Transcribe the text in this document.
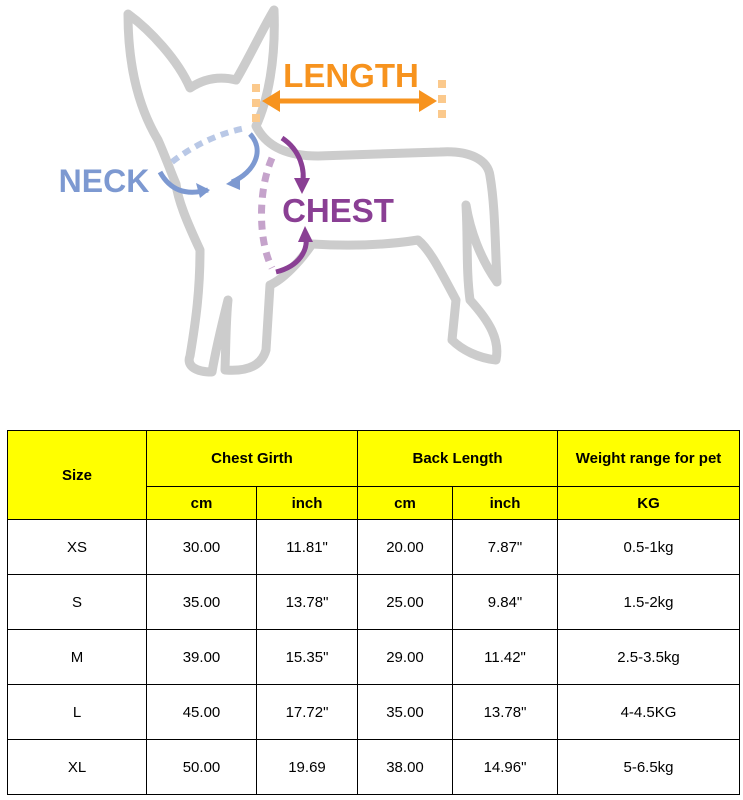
LENGTH
NECK
CHEST
Size	Chest Girth		Back Length		Weight range for pet
	cm	inch	cm	inch	KG
XS	30.00	11.81"	20.00	7.87"	0.5-1kg
S	35.00	13.78"	25.00	9.84"	1.5-2kg
M	39.00	15.35"	29.00	11.42"	2.5-3.5kg
L	45.00	17.72"	35.00	13.78"	4-4.5KG
XL	50.00	19.69	38.00	14.96"	5-6.5kg
